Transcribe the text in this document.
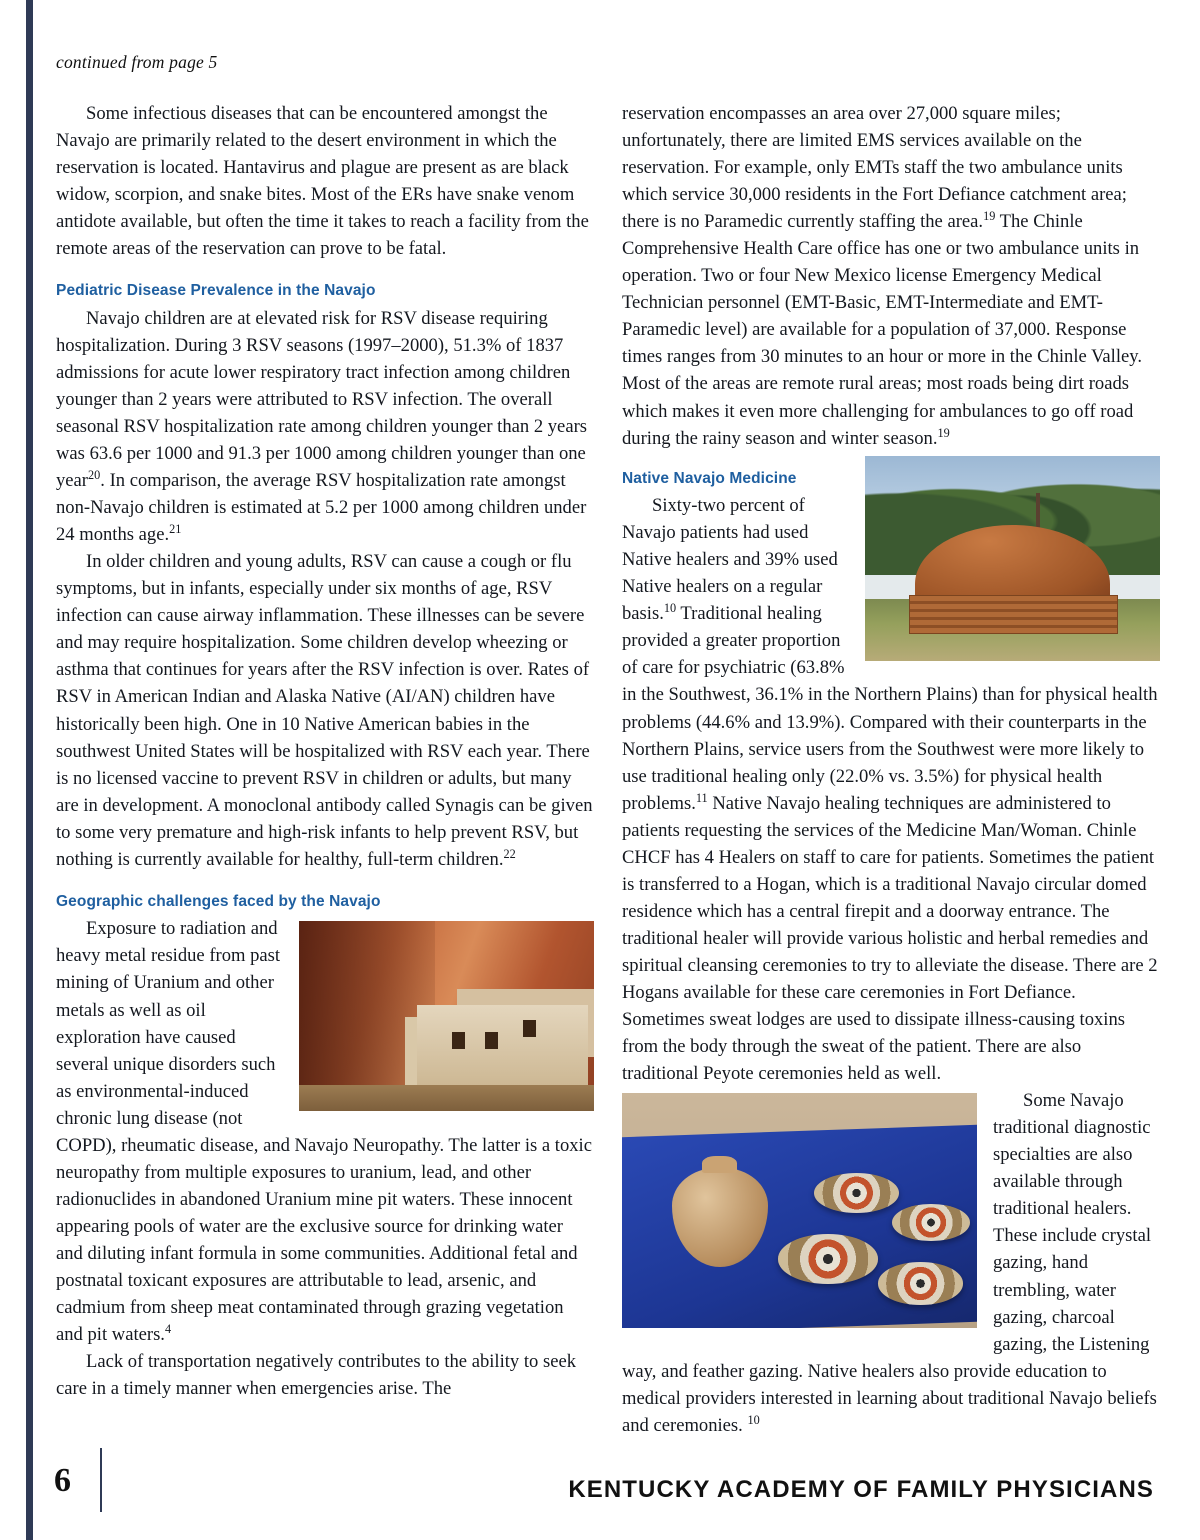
continued from page 5

Some infectious diseases that can be encountered amongst the Navajo are primarily related to the desert environment in which the reservation is located. Hantavirus and plague are present as are black widow, scorpion, and snake bites. Most of the ERs have snake venom antidote available, but often the time it takes to reach a facility from the remote areas of the reservation can prove to be fatal.

Pediatric Disease Prevalence in the Navajo

Navajo children are at elevated risk for RSV disease requiring hospitalization. During 3 RSV seasons (1997–2000), 51.3% of 1837 admissions for acute lower respiratory tract infection among children younger than 2 years were attributed to RSV infection. The overall seasonal RSV hospitalization rate among children younger than 2 years was 63.6 per 1000 and 91.3 per 1000 among children younger than one year$^{20}$. In comparison, the average RSV hospitalization rate amongst non-Navajo children is estimated at 5.2 per 1000 among children under 24 months age.$^{21}$

In older children and young adults, RSV can cause a cough or flu symptoms, but in infants, especially under six months of age, RSV infection can cause airway inflammation. These illnesses can be severe and may require hospitalization. Some children develop wheezing or asthma that continues for years after the RSV infection is over. Rates of RSV in American Indian and Alaska Native (AI/AN) children have historically been high. One in 10 Native American babies in the southwest United States will be hospitalized with RSV each year. There is no licensed vaccine to prevent RSV in children or adults, but many are in development. A monoclonal antibody called Synagis can be given to some very premature and high-risk infants to help prevent RSV, but nothing is currently available for healthy, full-term children.$^{22}$

Geographic challenges faced by the Navajo

Exposure to radiation and heavy metal residue from past mining of Uranium and other metals as well as oil exploration have caused several unique disorders such as environmental-induced chronic lung disease (not COPD), rheumatic disease, and Navajo Neuropathy. The latter is a toxic neuropathy from multiple exposures to uranium, lead, and other radionuclides in abandoned Uranium mine pit waters. These innocent appearing pools of water are the exclusive source for drinking water and diluting infant formula in some communities. Additional fetal and postnatal toxicant exposures are attributable to lead, arsenic, and cadmium from sheep meat contaminated through grazing vegetation and pit waters.$^4$

Lack of transportation negatively contributes to the ability to seek care in a timely manner when emergencies arise. The

reservation encompasses an area over 27,000 square miles; unfortunately, there are limited EMS services available on the reservation. For example, only EMTs staff the two ambulance units which service 30,000 residents in the Fort Defiance catchment area; there is no Paramedic currently staffing the area.$^{19}$ The Chinle Comprehensive Health Care office has one or two ambulance units in operation. Two or four New Mexico license Emergency Medical Technician personnel (EMT-Basic, EMT-Intermediate and EMT-Paramedic level) are available for a population of 37,000. Response times ranges from 30 minutes to an hour or more in the Chinle Valley. Most of the areas are remote rural areas; most roads being dirt roads which makes it even more challenging for ambulances to go off road during the rainy season and winter season.$^{19}$

Native Navajo Medicine

Sixty-two percent of Navajo patients had used Native healers and 39% used Native healers on a regular basis.$^{10}$ Traditional healing provided a greater proportion of care for psychiatric (63.8% in the Southwest, 36.1% in the Northern Plains) than for physical health problems (44.6% and 13.9%). Compared with their counterparts in the Northern Plains, service users from the Southwest were more likely to use traditional healing only (22.0% vs. 3.5%) for physical health problems.$^{11}$ Native Navajo healing techniques are administered to patients requesting the services of the Medicine Man/Woman. Chinle CHCF has 4 Healers on staff to care for patients. Sometimes the patient is transferred to a Hogan, which is a traditional Navajo circular domed residence which has a central firepit and a doorway entrance. The traditional healer will provide various holistic and herbal remedies and spiritual cleansing ceremonies to try to alleviate the disease. There are 2 Hogans available for these care ceremonies in Fort Defiance. Sometimes sweat lodges are used to dissipate illness-causing toxins from the body through the sweat of the patient. There are also traditional Peyote ceremonies held as well.

Some Navajo traditional diagnostic specialties are also available through traditional healers. These include crystal gazing, hand trembling, water gazing, charcoal gazing, the Listening way, and feather gazing. Native healers also provide education to medical providers interested in learning about traditional Navajo beliefs and ceremonies. $^{10}$

6	KENTUCKY ACADEMY OF FAMILY PHYSICIANS
